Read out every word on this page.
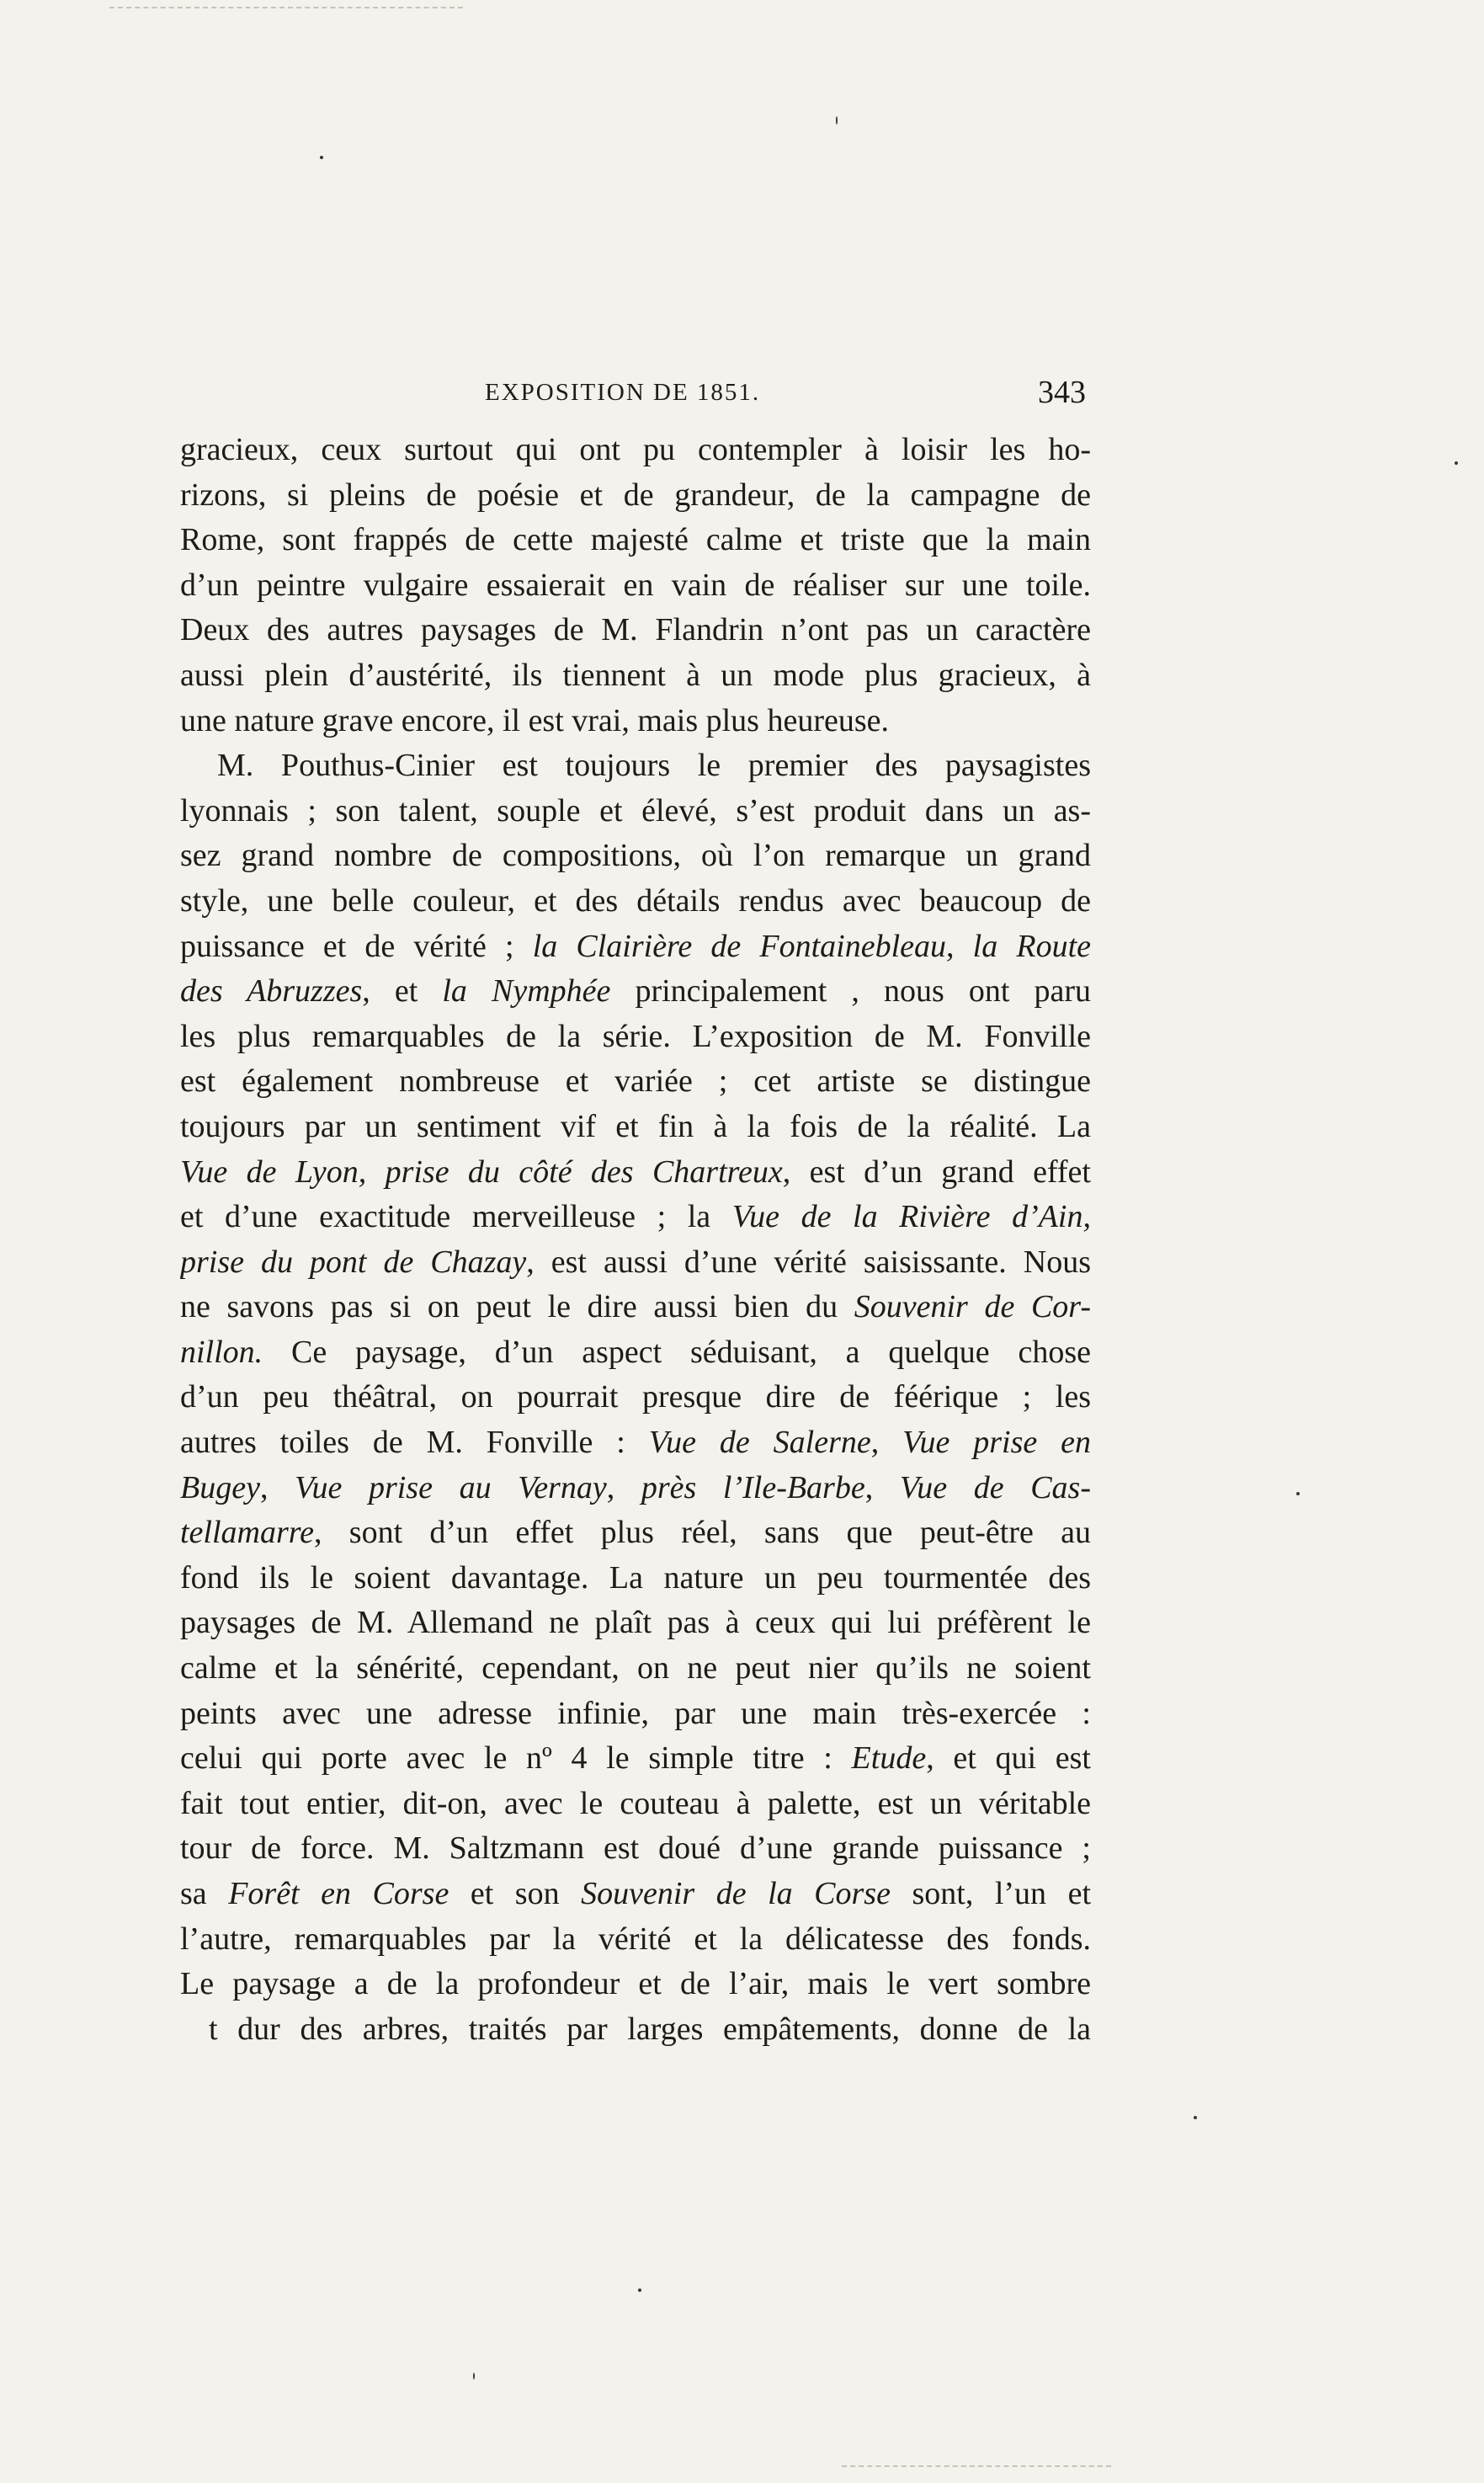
EXPOSITION DE 1851.	343
gracieux, ceux surtout qui ont pu contempler à loisir les ho-
rizons, si pleins de poésie et de grandeur, de la campagne de
Rome, sont frappés de cette majesté calme et triste que la main
d’un peintre vulgaire essaierait en vain de réaliser sur une toile.
Deux des autres paysages de M. Flandrin n’ont pas un caractère
aussi plein d’austérité, ils tiennent à un mode plus gracieux, à
une nature grave encore, il est vrai, mais plus heureuse.
M. Pouthus-Cinier est toujours le premier des paysagistes
lyonnais ; son talent, souple et élevé, s’est produit dans un as-
sez grand nombre de compositions, où l’on remarque un grand
style, une belle couleur, et des détails rendus avec beaucoup de
puissance et de vérité ; la Clairière de Fontainebleau, la Route
des Abruzzes, et la Nymphée principalement , nous ont paru
les plus remarquables de la série. L’exposition de M. Fonville
est également nombreuse et variée ; cet artiste se distingue
toujours par un sentiment vif et fin à la fois de la réalité. La
Vue de Lyon, prise du côté des Chartreux, est d’un grand effet
et d’une exactitude merveilleuse ; la Vue de la Rivière d’Ain,
prise du pont de Chazay, est aussi d’une vérité saisissante. Nous
ne savons pas si on peut le dire aussi bien du Souvenir de Cor-
nillon. Ce paysage, d’un aspect séduisant, a quelque chose
d’un peu théâtral, on pourrait presque dire de féérique ; les
autres toiles de M. Fonville : Vue de Salerne, Vue prise en
Bugey, Vue prise au Vernay, près l’Ile-Barbe, Vue de Cas-
tellamarre, sont d’un effet plus réel, sans que peut-être au
fond ils le soient davantage. La nature un peu tourmentée des
paysages de M. Allemand ne plaît pas à ceux qui lui préfèrent le
calme et la sénérité, cependant, on ne peut nier qu’ils ne soient
peints avec une adresse infinie, par une main très-exercée :
celui qui porte avec le nº 4 le simple titre : Etude, et qui est
fait tout entier, dit-on, avec le couteau à palette, est un véritable
tour de force. M. Saltzmann est doué d’une grande puissance ;
sa Forêt en Corse et son Souvenir de la Corse sont, l’un et
l’autre, remarquables par la vérité et la délicatesse des fonds.
Le paysage a de la profondeur et de l’air, mais le vert sombre
t dur des arbres, traités par larges empâtements, donne de la
